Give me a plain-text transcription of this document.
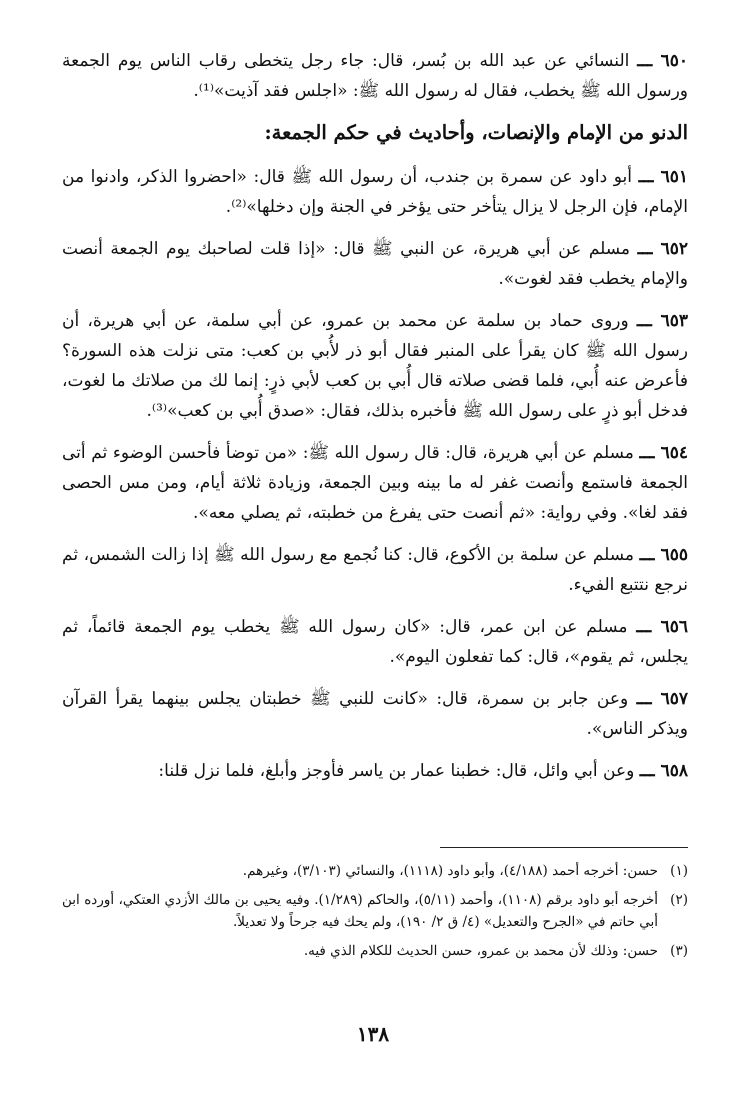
٦٥٠ ـــ النسائي عن عبد الله بن بُسر، قال: جاء رجل يتخطى رقاب الناس يوم الجمعة ورسول الله ﷺ يخطب، فقال له رسول الله ﷺ: «اجلس فقد آذيت»⁽¹⁾.

الدنو من الإمام والإنصات، وأحاديث في حكم الجمعة:

٦٥١ ـــ أبو داود عن سمرة بن جندب، أن رسول الله ﷺ قال: «احضروا الذكر، وادنوا من الإمام، فإن الرجل لا يزال يتأخر حتى يؤخر في الجنة وإن دخلها»⁽²⁾.

٦٥٢ ـــ مسلم عن أبي هريرة، عن النبي ﷺ قال: «إذا قلت لصاحبك يوم الجمعة أنصت والإمام يخطب فقد لغوت».

٦٥٣ ـــ وروى حماد بن سلمة عن محمد بن عمرو، عن أبي سلمة، عن أبي هريرة، أن رسول الله ﷺ كان يقرأ على المنبر فقال أبو ذر لأُبي بن كعب: متى نزلت هذه السورة؟ فأعرض عنه أُبي، فلما قضى صلاته قال أُبي بن كعب لأبي ذرٍ: إنما لك من صلاتك ما لغوت، فدخل أبو ذرٍ على رسول الله ﷺ فأخبره بذلك، فقال: «صدق أُبي بن كعب»⁽³⁾.

٦٥٤ ـــ مسلم عن أبي هريرة، قال: قال رسول الله ﷺ: «من توضأ فأحسن الوضوء ثم أتى الجمعة فاستمع وأنصت غفر له ما بينه وبين الجمعة، وزيادة ثلاثة أيام، ومن مس الحصى فقد لغا». وفي رواية: «ثم أنصت حتى يفرغ من خطبته، ثم يصلي معه».

٦٥٥ ـــ مسلم عن سلمة بن الأكوع، قال: كنا نُجمع مع رسول الله ﷺ إذا زالت الشمس، ثم نرجع نتتبع الفيء.

٦٥٦ ـــ مسلم عن ابن عمر، قال: «كان رسول الله ﷺ يخطب يوم الجمعة قائماً، ثم يجلس، ثم يقوم»، قال: كما تفعلون اليوم».

٦٥٧ ـــ وعن جابر بن سمرة، قال: «كانت للنبي ﷺ خطبتان يجلس بينهما يقرأ القرآن ويذكر الناس».

٦٥٨ ـــ وعن أبي وائل، قال: خطبنا عمار بن ياسر فأوجز وأبلغ، فلما نزل قلنا:

(١)
حسن: أخرجه أحمد (٤/١٨٨)، وأبو داود (١١١٨)، والنسائي (٣/١٠٣)، وغيرهم.
(٢)
أخرجه أبو داود برقم (١١٠٨)، وأحمد (٥/١١)، والحاكم (١/٢٨٩). وفيه يحيى بن مالك الأزدي العتكي، أورده ابن أبي حاتم في «الجرح والتعديل» (٤/ ق ٢/ ١٩٠)، ولم يحك فيه جرحاً ولا تعديلاً.
(٣)
حسن: وذلك لأن محمد بن عمرو، حسن الحديث للكلام الذي فيه.
١٣٨
